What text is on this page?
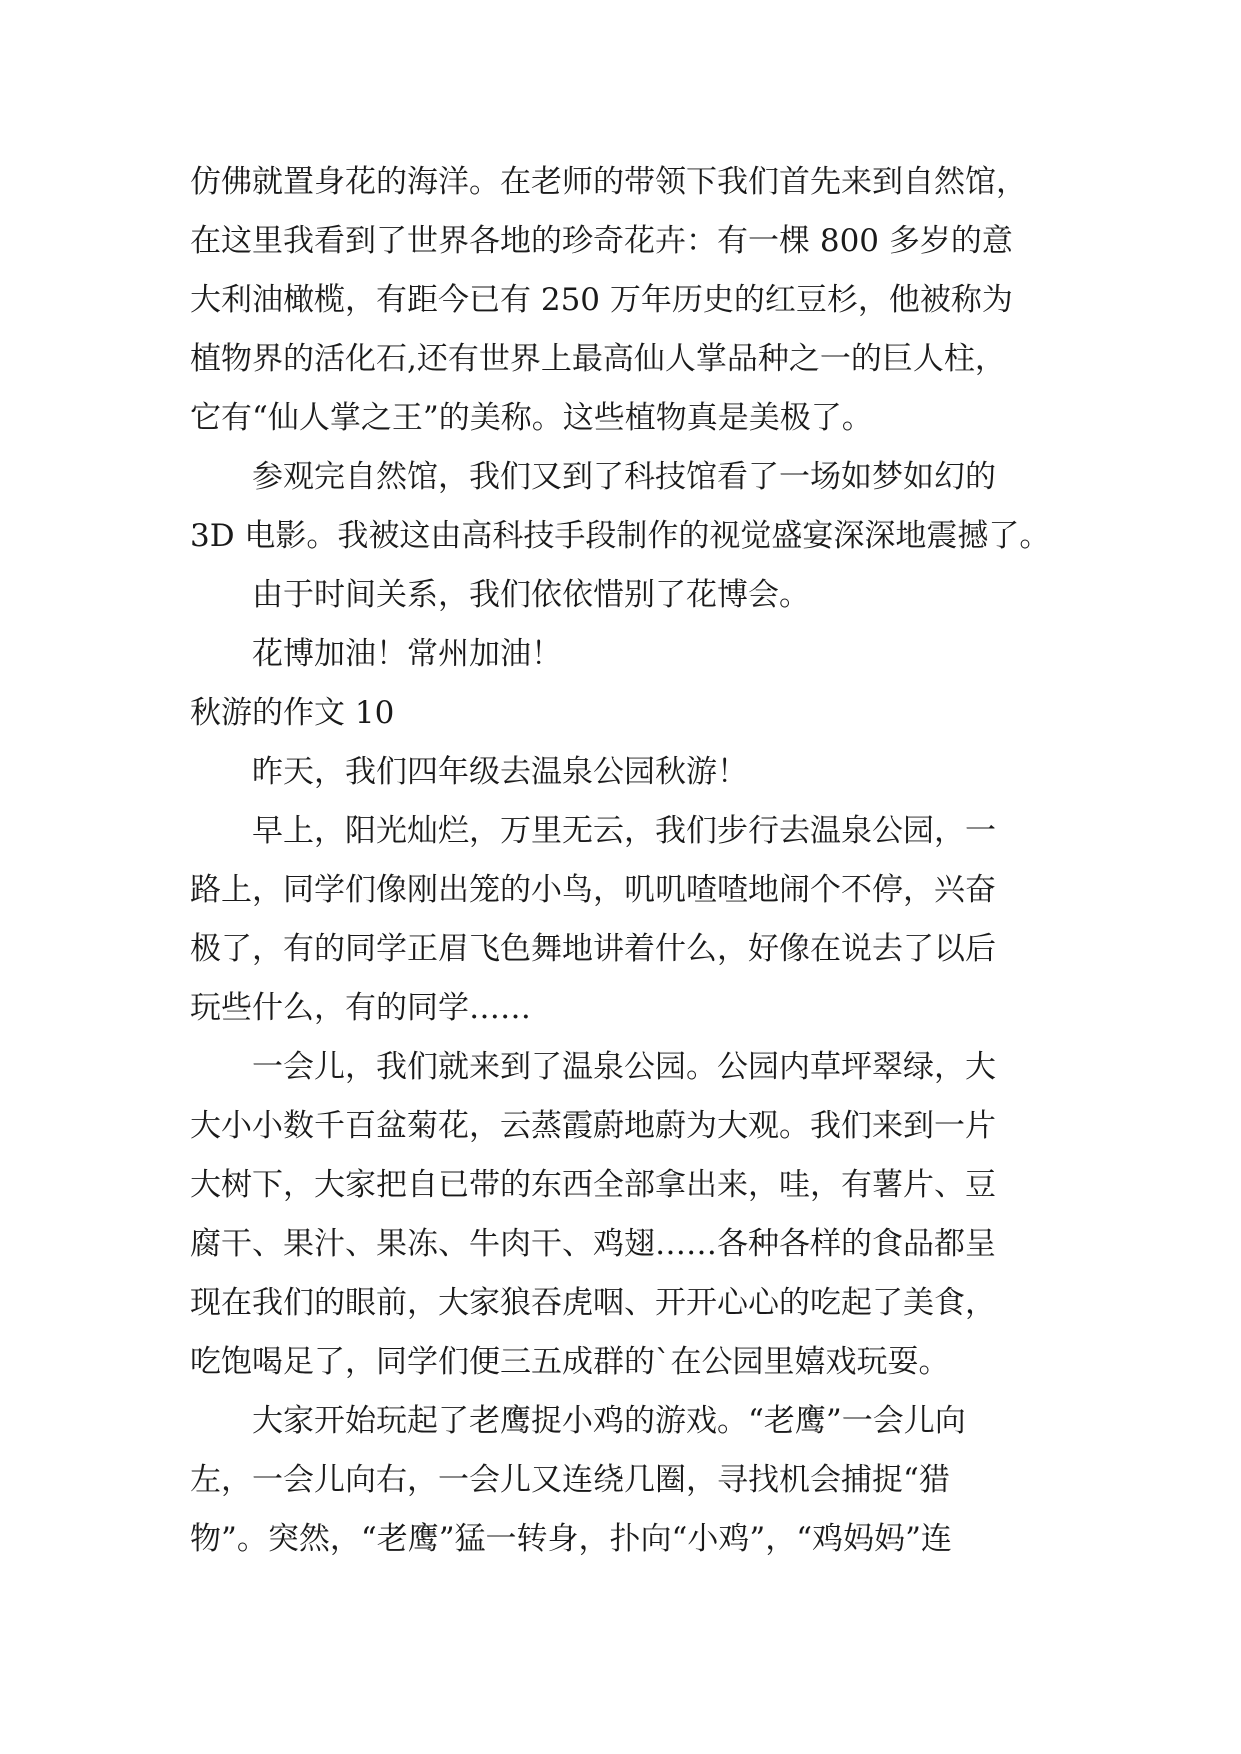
仿佛就置身花的海洋。在老师的带领下我们首先来到自然馆，
在这里我看到了世界各地的珍奇花卉：有一棵 800 多岁的意
大利油橄榄，有距今已有 250 万年历史的红豆杉，他被称为
植物界的活化石,还有世界上最高仙人掌品种之一的巨人柱，
它有“仙人掌之王”的美称。这些植物真是美极了。
参观完自然馆，我们又到了科技馆看了一场如梦如幻的
3D 电影。我被这由高科技手段制作的视觉盛宴深深地震撼了。
由于时间关系，我们依依惜别了花博会。
花博加油！常州加油！
秋游的作文 10
昨天，我们四年级去温泉公园秋游！
早上，阳光灿烂，万里无云，我们步行去温泉公园，一
路上，同学们像刚出笼的小鸟，叽叽喳喳地闹个不停，兴奋
极了，有的同学正眉飞色舞地讲着什么，好像在说去了以后
玩些什么，有的同学……
一会儿，我们就来到了温泉公园。公园内草坪翠绿，大
大小小数千百盆菊花，云蒸霞蔚地蔚为大观。我们来到一片
大树下，大家把自已带的东西全部拿出来，哇，有薯片、豆
腐干、果汁、果冻、牛肉干、鸡翅……各种各样的食品都呈
现在我们的眼前，大家狼吞虎咽、开开心心的吃起了美食，
吃饱喝足了，同学们便三五成群的`在公园里嬉戏玩耍。
大家开始玩起了老鹰捉小鸡的游戏。“老鹰”一会儿向
左，一会儿向右，一会儿又连绕几圈，寻找机会捕捉“猎
物”。突然，“老鹰”猛一转身，扑向“小鸡”，“鸡妈妈”连
